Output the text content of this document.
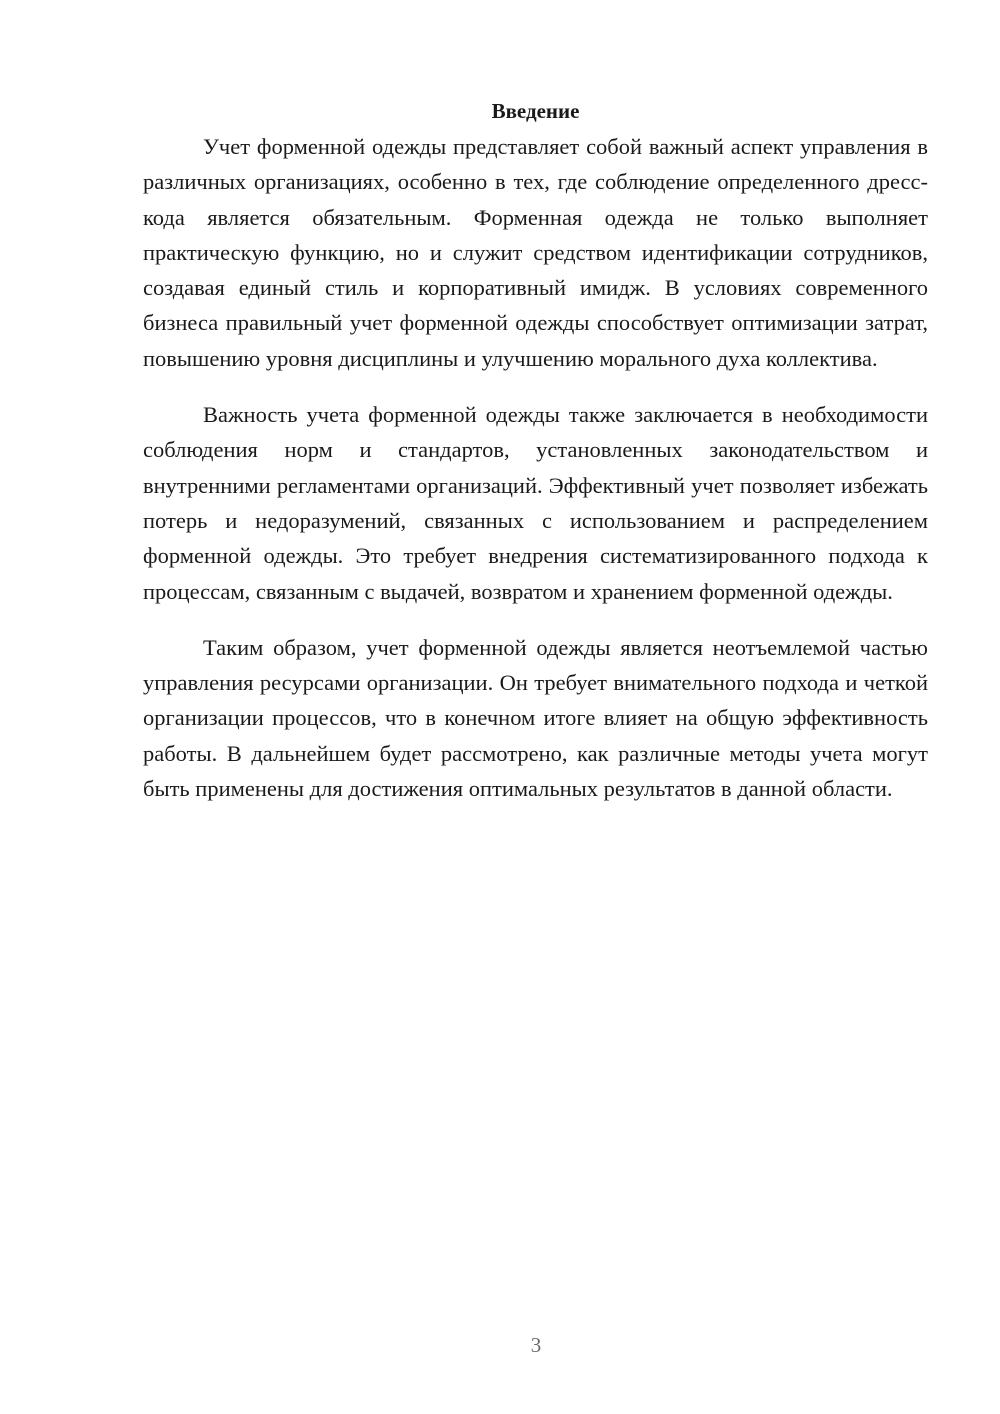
Введение

Учет форменной одежды представляет собой важный аспект управления в различных организациях, особенно в тех, где соблюдение определенного дресс-кода является обязательным. Форменная одежда не только выполняет практическую функцию, но и служит средством идентификации сотрудников, создавая единый стиль и корпоративный имидж. В условиях современного бизнеса правильный учет форменной одежды способствует оптимизации затрат, повышению уровня дисциплины и улучшению морального духа коллектива.

Важность учета форменной одежды также заключается в необходимости соблюдения норм и стандартов, установленных законодательством и внутренними регламентами организаций. Эффективный учет позволяет избежать потерь и недоразумений, связанных с использованием и распределением форменной одежды. Это требует внедрения систематизированного подхода к процессам, связанным с выдачей, возвратом и хранением форменной одежды.

Таким образом, учет форменной одежды является неотъемлемой частью управления ресурсами организации. Он требует внимательного подхода и четкой организации процессов, что в конечном итоге влияет на общую эффективность работы. В дальнейшем будет рассмотрено, как различные методы учета могут быть применены для достижения оптимальных результатов в данной области.

3
